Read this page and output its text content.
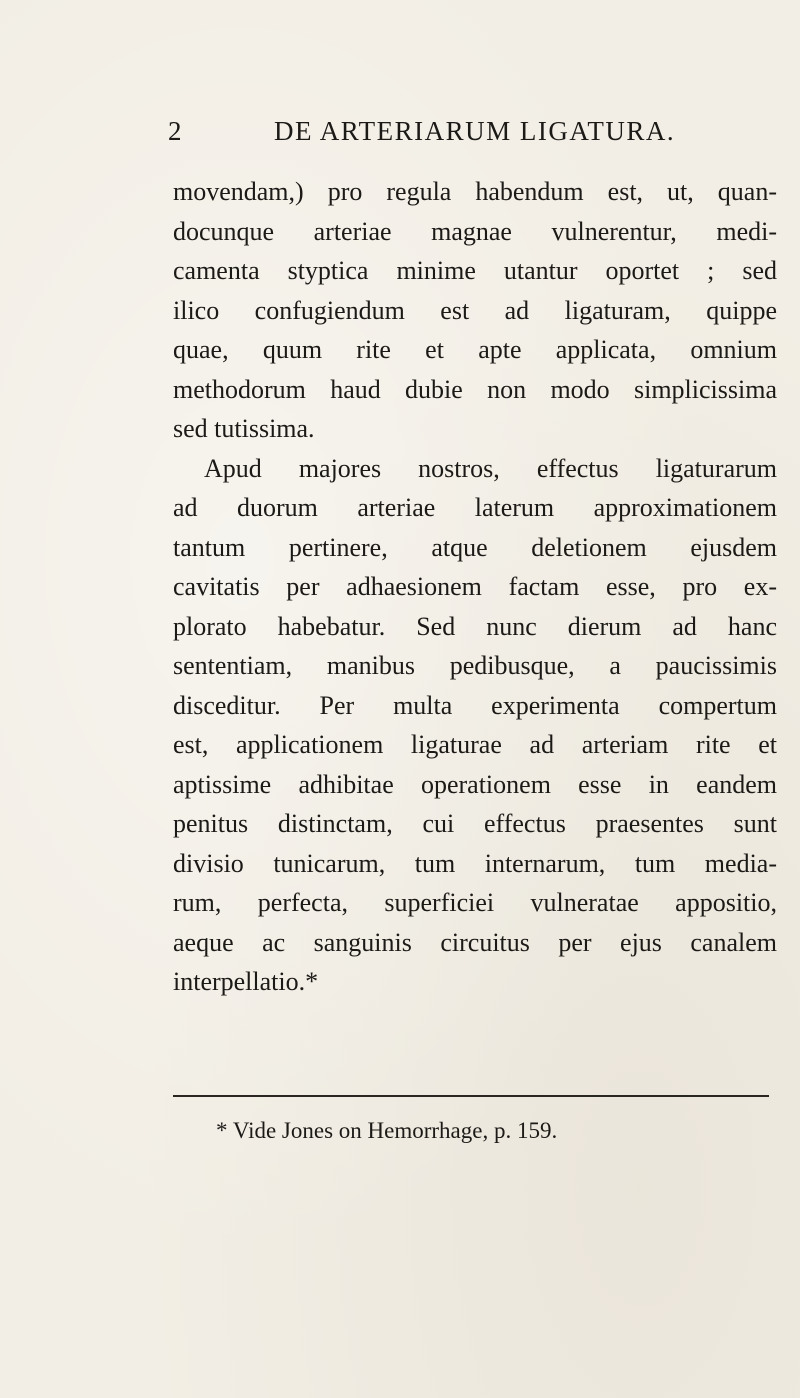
2	DE ARTERIARUM LIGATURA.
movendam,) pro regula habendum est, ut, quan-
docunque arteriae magnae vulnerentur, medi-
camenta styptica minime utantur oportet ; sed
ilico confugiendum est ad ligaturam, quippe
quae, quum rite et apte applicata, omnium
methodorum haud dubie non modo simplicissima
sed tutissima.
Apud majores nostros, effectus ligaturarum
ad duorum arteriae laterum approximationem
tantum pertinere, atque deletionem ejusdem
cavitatis per adhaesionem factam esse, pro ex-
plorato habebatur. Sed nunc dierum ad hanc
sententiam, manibus pedibusque, a paucissimis
disceditur. Per multa experimenta compertum
est, applicationem ligaturae ad arteriam rite et
aptissime adhibitae operationem esse in eandem
penitus distinctam, cui effectus praesentes sunt
divisio tunicarum, tum internarum, tum media-
rum, perfecta, superficiei vulneratae appositio,
aeque ac sanguinis circuitus per ejus canalem
interpellatio.*
* Vide Jones on Hemorrhage, p. 159.
